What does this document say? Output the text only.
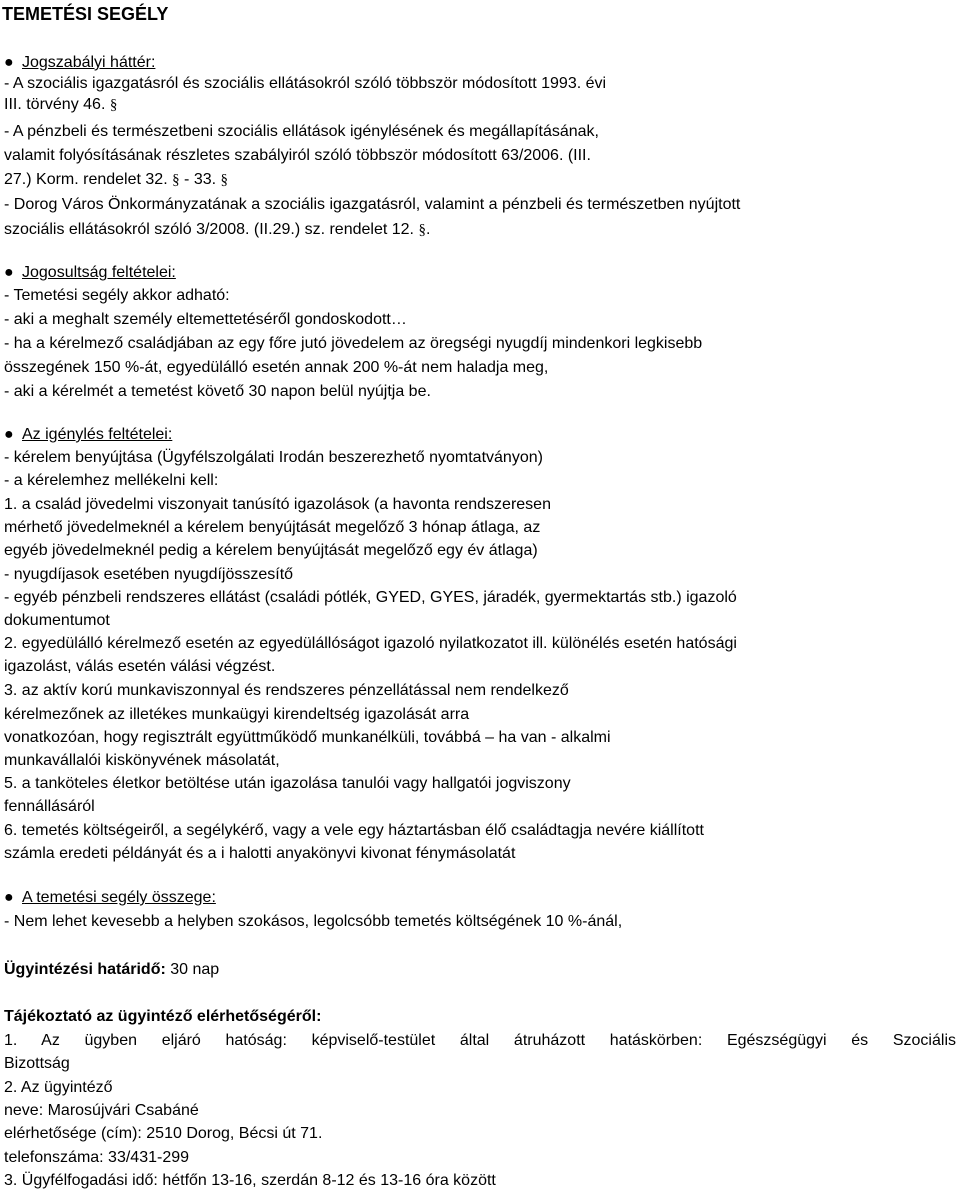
TEMETÉSI SEGÉLY
● Jogszabályi háttér:
- A szociális igazgatásról és szociális ellátásokról szóló többször módosított 1993. évi
III. törvény 46. §
- A pénzbeli és természetbeni szociális ellátások igénylésének és megállapításának,
valamit folyósításának részletes szabályiról szóló többször módosított 63/2006. (III.
27.) Korm. rendelet 32. § - 33. §
- Dorog Város Önkormányzatának a szociális igazgatásról, valamint a pénzbeli és természetben nyújtott
szociális ellátásokról szóló 3/2008. (II.29.) sz. rendelet 12. §.
● Jogosultság feltételei:
- Temetési segély akkor adható:
- aki a meghalt személy eltemettetéséről gondoskodott…
- ha a kérelmező családjában az egy főre jutó jövedelem az öregségi nyugdíj mindenkori legkisebb
összegének 150 %-át, egyedülálló esetén annak 200 %-át nem haladja meg,
- aki a kérelmét a temetést követő 30 napon belül nyújtja be.
● Az igénylés feltételei:
- kérelem benyújtása (Ügyfélszolgálati Irodán beszerezhető nyomtatványon)
- a kérelemhez mellékelni kell:
1. a család jövedelmi viszonyait tanúsító igazolások (a havonta rendszeresen
mérhető jövedelmeknél a kérelem benyújtását megelőző 3 hónap átlaga, az
egyéb jövedelmeknél pedig a kérelem benyújtását megelőző egy év átlaga)
- nyugdíjasok esetében nyugdíjösszesítő
- egyéb pénzbeli rendszeres ellátást (családi pótlék, GYED, GYES, járadék, gyermektartás stb.) igazoló
dokumentumot
2. egyedülálló kérelmező esetén az egyedülállóságot igazoló nyilatkozatot ill. különélés esetén hatósági
igazolást, válás esetén válási végzést.
3. az aktív korú munkaviszonnyal és rendszeres pénzellátással nem rendelkező
kérelmezőnek az illetékes munkaügyi kirendeltség igazolását arra
vonatkozóan, hogy regisztrált együttműködő munkanélküli, továbbá – ha van - alkalmi
munkavállalói kiskönyvének másolatát,
5. a tanköteles életkor betöltése után igazolása tanulói vagy hallgatói jogviszony
fennállásáról
6. temetés költségeiről, a segélykérő, vagy a vele egy háztartásban élő családtagja nevére kiállított
számla eredeti példányát és a i halotti anyakönyvi kivonat fénymásolatát
● A temetési segély összege:
- Nem lehet kevesebb a helyben szokásos, legolcsóbb temetés költségének 10 %-ánál,
Ügyintézési határidő: 30 nap
Tájékoztató az ügyintéző elérhetőségéről:
1. Az ügyben eljáró hatóság: képviselő-testület által átruházott hatáskörben: Egészségügyi és Szociális
Bizottság
2. Az ügyintéző
neve: Marosújvári Csabáné
elérhetősége (cím): 2510 Dorog, Bécsi út 71.
telefonszáma: 33/431-299
3. Ügyfélfogadási idő: hétfőn 13-16, szerdán 8-12 és 13-16 óra között
